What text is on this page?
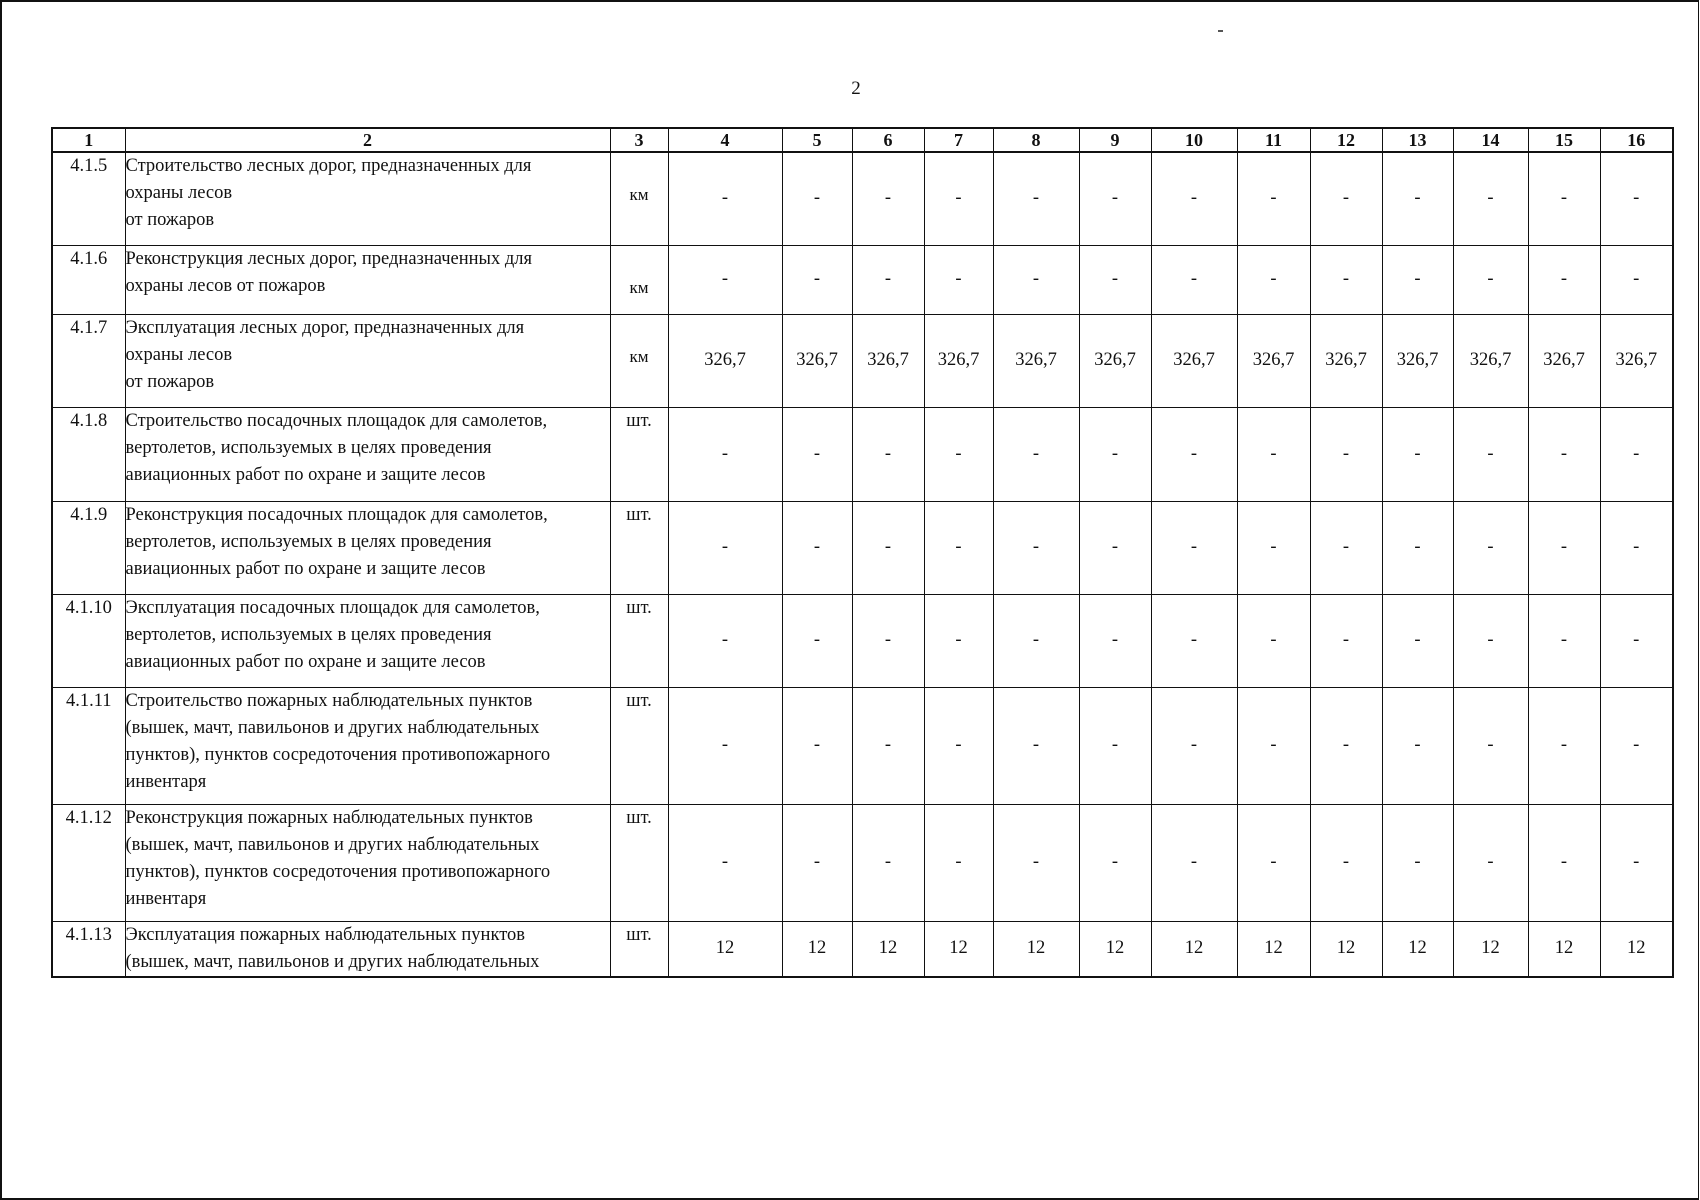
2
1	2	3	4	5	6	7	8	9	10	11	12	13	14	15	16
4.1.5	Строительство лесных дорог, предназначенных для
охраны лесов
от пожаров	км	-	-	-	-	-	-	-	-	-	-	-	-	-
4.1.6	Реконструкция лесных дорог, предназначенных для
охраны лесов от пожаров	км	-	-	-	-	-	-	-	-	-	-	-	-	-
4.1.7	Эксплуатация лесных дорог, предназначенных для
охраны лесов
от пожаров	км	326,7	326,7	326,7	326,7	326,7	326,7	326,7	326,7	326,7	326,7	326,7	326,7	326,7
4.1.8	Строительство посадочных площадок для самолетов,
вертолетов, используемых в целях проведения
авиационных работ по охране и защите лесов	шт.	-	-	-	-	-	-	-	-	-	-	-	-	-
4.1.9	Реконструкция посадочных площадок для самолетов,
вертолетов, используемых в целях проведения
авиационных работ по охране и защите лесов	шт.	-	-	-	-	-	-	-	-	-	-	-	-	-
4.1.10	Эксплуатация посадочных площадок для самолетов,
вертолетов, используемых в целях проведения
авиационных работ по охране и защите лесов	шт.	-	-	-	-	-	-	-	-	-	-	-	-	-
4.1.11	Строительство пожарных наблюдательных пунктов
(вышек, мачт, павильонов и других наблюдательных
пунктов), пунктов сосредоточения противопожарного
инвентаря	шт.	-	-	-	-	-	-	-	-	-	-	-	-	-
4.1.12	Реконструкция пожарных наблюдательных пунктов
(вышек, мачт, павильонов и других наблюдательных
пунктов), пунктов сосредоточения противопожарного
инвентаря	шт.	-	-	-	-	-	-	-	-	-	-	-	-	-
4.1.13	Эксплуатация пожарных наблюдательных пунктов
(вышек, мачт, павильонов и других наблюдательных	шт.	12	12	12	12	12	12	12	12	12	12	12	12	12
